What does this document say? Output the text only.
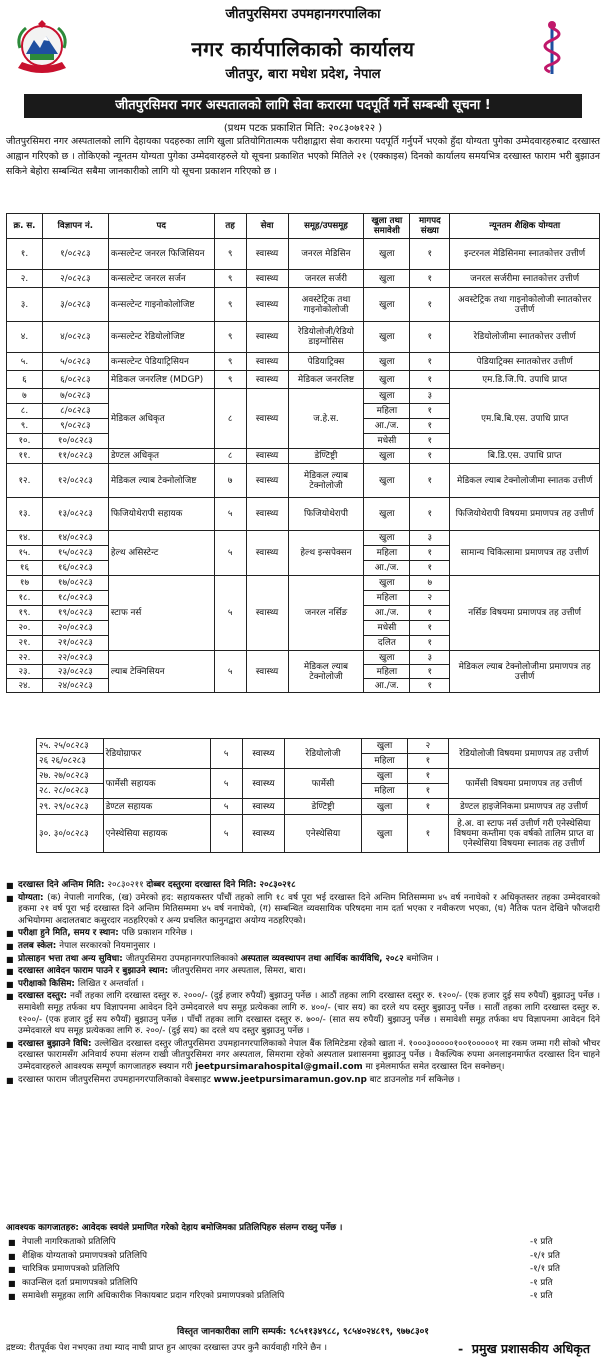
जीतपुरसिमरा उपमहानगरपालिका
नगर कार्यपालिकाको कार्यालय
जीतपुर, बारा मधेश प्रदेश, नेपाल
जीतपुरसिमरा नगर अस्पतालको लागि सेवा करारमा पदपूर्ति गर्ने सम्बन्धी सूचना !
(प्रथम पटक प्रकाशित मिति: २०८३०७१२२ )
जीतपुरसिमरा नगर अस्पतालको लागि देहायका पदहरुका लागि खुला प्रतियोगितात्मक परीक्षाद्वारा सेवा करारमा पदपूर्ति गर्नुपर्ने भएको हुँदा योग्यता पुगेका उम्मेदवारहरुबाट दरखास्त आह्वान गरिएको छ । तोकिएको न्यूनतम योग्यता पुगेका उम्मेदवारहरुले यो सूचना प्रकाशित भएको मितिले २१ (एक्काइस) दिनको कार्यालय समयभित्र दरखास्त फाराम भरी बुझाउन सकिने बेहोरा सम्बन्धित सबैमा जानकारीको लागि यो सूचना प्रकाशन गरिएको छ ।
क्र. स.	विज्ञापन नं.	पद	तह	सेवा	समूह/उपसमूह	खुला तथा समावेशी	मागपद संख्या	न्यूनतम शैक्षिक योग्यता
१.	१/०८२८३	कन्सल्टेन्ट जनरल फिजिसियन	९	स्वास्थ्य	जनरल मेडिसिन	खुला	१	इन्टरनल मेडिसिनमा स्नातकोत्तर उत्तीर्ण
२.	२/०८२८३	कन्सल्टेन्ट जनरल सर्जन	९	स्वास्थ्य	जनरल सर्जरी	खुला	१	जनरल सर्जरीमा स्नातकोत्तर उत्तीर्ण
३.	३/०८२८३	कन्सल्टेन्ट गाइनोकोलोजिष्ट	९	स्वास्थ्य	अवस्टेट्रिक तथा गाइनोकोलोजी	खुला	१	अवस्टेट्रिक तथा गाइनोकोलोजी स्नातकोत्तर उत्तीर्ण
४.	४/०८२८३	कन्सल्टेन्ट रेडियोलोजिष्ट	९	स्वास्थ्य	रेडियोलोजी/रेडियो डाइग्नोसिस	खुला	१	रेडियोलोजीमा स्नातकोत्तर उत्तीर्ण
५.	५/०८२८३	कन्सल्टेन्ट पेडियाट्रिसियन	९	स्वास्थ्य	पेडियाट्रिक्स	खुला	१	पेडियाट्रिक्स स्नातकोत्तर उत्तीर्ण
६	६/०८२८३	मेडिकल जनरलिष्ट (MDGP)	९	स्वास्थ्य	मेडिकल जनरलिष्ट	खुला	१	एम.डि.जि.पि. उपाधि प्राप्त
७	७/०८२८३	मेडिकल अधिकृत	८	स्वास्थ्य	ज.हे.स.	खुला	३	एम.बि.बि.एस. उपाधि प्राप्त
८.	८/०८२८३					महिला	१	
९.	९/०८२८३					आ./ज.	१	
१०.	१०/०८२८३					मधेसी	१	
११.	११/०८२८३	डेण्टल अधिकृत	८	स्वास्थ्य	डेण्टिष्ट्री	खुला	१	बि.डि.एस. उपाधि प्राप्त
१२.	१२/०८२८३	मेडिकल ल्याब टेक्नोलोजिष्ट	७	स्वास्थ्य	मेडिकल ल्याब टेक्नोलोजी	खुला	१	मेडिकल ल्याब टेक्नोलोजीमा स्नातक उत्तीर्ण
१३.	१३/०८२८३	फिजियोथेरापी सहायक	५	स्वास्थ्य	फिजियोथेरापी	खुला	१	फिजियोथेरापी विषयमा प्रमाणपत्र तह उत्तीर्ण
१४.	१४/०८२८३	हेल्थ असिस्टेन्ट	५	स्वास्थ्य	हेल्थ इन्सपेक्सन	खुला	३	सामान्य चिकित्सामा प्रमाणपत्र तह उत्तीर्ण
१५.	१५/०८२८३					महिला	१	
१६	१६/०८२८३					आ./ज.	१	
१७	१७/०८२८३	स्टाफ नर्स	५	स्वास्थ्य	जनरल नर्सिङ	खुला	७	नर्सिङ विषयमा प्रमाणपत्र तह उत्तीर्ण
१८.	१८/०८२८३					महिला	२	
१९.	१९/०८२८३					आ./ज.	१	
२०.	२०/०८२८३					मधेसी	१	
२१.	२१/०८२८३					दलित	१	
२२.	२२/०८२८३	ल्याब टेक्निसियन	५	स्वास्थ्य	मेडिकल ल्याब टेक्नोलोजी	खुला	३	मेडिकल ल्याब टेक्नोलोजीमा प्रमाणपत्र तह उत्तीर्ण
२३.	२३/०८२८३					महिला	१	
२४.	२४/०८२८३					आ./ज.	१	
	२५. २५/०८२८३	रेडियोग्राफर	५	स्वास्थ्य	रेडियोलोजी	खुला	२	रेडियोलोजी विषयमा प्रमाणपत्र तह उत्तीर्ण
	२६ २६/०८२८३					महिला	१	
	२७. २७/०८२८३	फार्मेसी सहायक	५	स्वास्थ्य	फार्मेसी	खुला	१	फार्मेसी विषयमा प्रमाणपत्र तह उत्तीर्ण
	२८. २८/०८२८३					महिला	१	
	२९. २९/०८२८३	डेण्टल सहायक	५	स्वास्थ्य	डेण्टिष्ट्री	खुला	१	डेण्टल हाइजेनिकमा प्रमाणपत्र तह उत्तीर्ण
	३०. ३०/०८२८३	एनेस्थेसिया सहायक	५	स्वास्थ्य	एनेस्थेसिया	खुला	१	हे.अ. वा स्टाफ नर्स उत्तीर्ण गरी एनेस्थेसिया विषयमा कम्तीमा एक वर्षको तालिम प्राप्त वा एनेस्थेसिया विषयमा स्नातक तह उत्तीर्ण
■ दरखास्त दिने अन्तिम मिति: २०८३०२११ दोब्बर दस्तुरमा दरखास्त दिने मिति: २०८३०२१८
■ योग्यता: (क) नेपाली नागरिक, (ख) उमेरको हद: सहायकस्तर पाँचौं तहको लागि १८ वर्ष पूरा भई दरखास्त दिने अन्तिम मितिसम्ममा ४५ वर्ष ननाघेको र अधिकृतस्तर तहका उम्मेदवारको हकमा २१ वर्ष पूरा भई दरखास्त दिने अन्तिम मितिसम्ममा ४५ वर्ष ननाघेको, (ग) सम्बन्धित व्यवसायिक परिषदमा नाम दर्ता भएका र नवीकरण भएका, (घ) नैतिक पतन देखिने फौजदारी अभियोगमा अदालतबाट कसुरदार नठहरिएको र अन्य प्रचलित कानुनद्वारा अयोग्य नठहरिएको।
■ परीक्षा हुने मिति, समय र स्थान: पछि प्रकाशन गरिनेछ ।
■ तलब स्केल: नेपाल सरकारको नियमानुसार ।
■ प्रोत्साहन भत्ता तथा अन्य सुविधा: जीतपुरसिमरा उपमहानगरपालिकाको अस्पताल व्यवस्थापन तथा आर्थिक कार्यविधि, २०८२ बमोजिम ।
■ दरखास्त आवेदन फाराम पाउने र बुझाउने स्थान: जीतपुरसिमरा नगर अस्पताल, सिमरा, बारा।
■ परीक्षाको किसिम: लिखित र अन्तर्वार्ता ।
■ दरखास्त दस्तुर: नवौं तहका लागि दरखास्त दस्तुर रु. २०००/- (दुई हजार रुपैयाँ) बुझाउनु पर्नेछ । आठौं तहका लागि दरखास्त दस्तुर रु. १२००/- (एक हजार दुई सय रुपैयाँ) बुझाउनु पर्नेछ । समावेशी समूह तर्फका थप विज्ञापनमा आवेदन दिने उम्मेदवारले थप समूह प्रत्येकका लागि रु. ४००/- (चार सय) का दरले थप दस्तुर बुझाउनु पर्नेछ । सातौं तहका लागि दरखास्त दस्तुर रु. १२००/- (एक हजार दुई सय रुपैयाँ) बुझाउनु पर्नेछ । पाँचौं तहका लागि दरखास्त दस्तुर रु. ७००/- (सात सय रुपैयाँ) बुझाउनु पर्नेछ । समावेशी समूह तर्फका थप विज्ञापनमा आवेदन दिने उम्मेदवारले थप समूह प्रत्येकका लागि रु. २००/- (दुई सय) का दरले थप दस्तुर बुझाउनु पर्नेछ ।
■ दरखास्त बुझाउने विधि: उल्लेखित दरखास्त दस्तुर जीतपुरसिमरा उपमहानगरपालिकाको नेपाल बैंक लिमिटेडमा रहेको खाता नं. १०००३०००००१००१०००००१ मा रकम जम्मा गरी सोको भौचर दरखास्त फारामसँग अनिवार्य रुपमा संलग्न राखी जीतपुरसिमरा नगर अस्पताल, सिमरामा रहेको अस्पताल प्रशासनमा बुझाउनु पर्नेछ । वैकल्पिक रुपमा अनलाइनमार्फत दरखास्त दिन चाहने उम्मेदवारहरुले आवश्यक सम्पूर्ण कागजातहरु स्क्यान गरी jeetpursimarahospital@gmail.com मा इमेलमार्फत समेत दरखास्त दिन सक्नेछन्।
■ दरखास्त फाराम जीतपुरसिमरा उपमहानगरपालिकाको वेबसाइट www.jeetpursimaramun.gov.np बाट डाउनलोड गर्न सकिनेछ ।
आवश्यक कागजातहरु: आवेदक स्वयंले प्रमाणित गरेको देहाय बमोजिमका प्रतिलिपिहरु संलग्न राख्नु पर्नेछ ।
■ नेपाली नागरिकताको प्रतिलिपि	-१ प्रति
■ शैक्षिक योग्यताको प्रमाणपत्रको प्रतिलिपि	-१/१ प्रति
■ चारित्रिक प्रमाणपत्रको प्रतिलिपि	-१/१ प्रति
■ काउन्सिल दर्ता प्रमाणपत्रको प्रतिलिपि	-१ प्रति
■ समावेशी समूहका लागि अधिकारीक निकायबाट प्रदान गरिएको प्रमाणपत्रको प्रतिलिपि	-१ प्रति
विस्तृत जानकारीका लागि सम्पर्क: ९८५११३४९८८, ९८५४०२४८१९, ९७७८३०१
द्रष्टव्य: रीतपूर्वक पेश नभएका तथा म्याद नाघी प्राप्त हुन आएका दरखास्त उपर कुनै कार्यवाही गरिने छैन ।	-  प्रमुख प्रशासकीय अधिकृत
